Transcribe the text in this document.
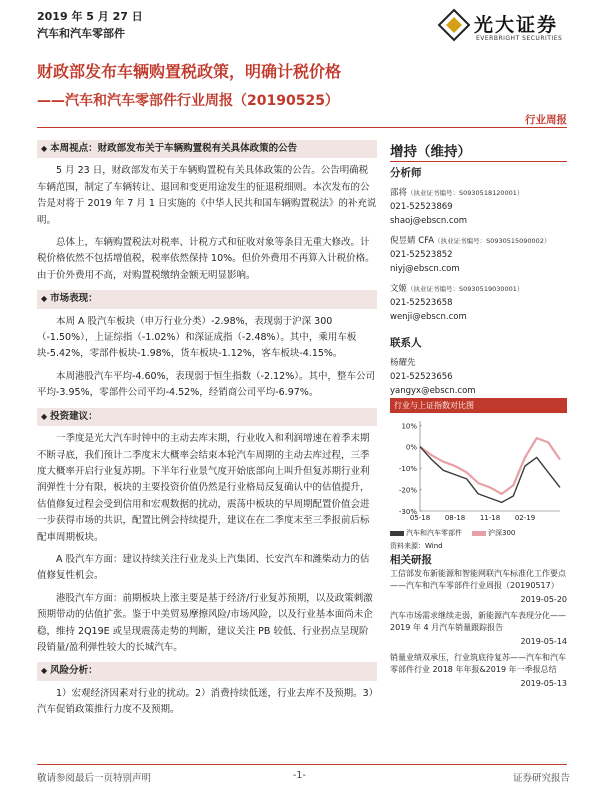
2019 年 5 月 27 日
汽车和汽车零部件	光大证券
EVERBRIGHT SECURITIES
财政部发布车辆购置税政策，明确计税价格
——汽车和汽车零部件行业周报（20190525）
行业周报
◆ 本周视点：财政部发布关于车辆购置税有关具体政策的公告

5 月 23 日，财政部发布关于车辆购置税有关具体政策的公告。公告明确税车辆范围，制定了车辆转让、退回和变更用途发生的征退税细则。本次发布的公告是对将于 2019 年 7 月 1 日实施的《中华人民共和国车辆购置税法》的补充说明。

总体上，车辆购置税法对税率、计税方式和征收对象等条目无重大修改。计税价格依然不包括增值税，税率依然保持 10%。但价外费用不再算入计税价格。由于价外费用不高，对购置税缴纳金额无明显影响。

◆ 市场表现：

本周 A 股汽车板块（申万行业分类）-2.98%，表现弱于沪深 300（-1.50%），上证综指（-1.02%）和深证成指（-2.48%）。其中，乘用车板块-5.42%，零部件板块-1.98%，货车板块-1.12%，客车板块-4.15%。

本周港股汽车平均-4.60%，表现弱于恒生指数（-2.12%）。其中，整车公司平均-3.95%，零部件公司平均-4.52%，经销商公司平均-6.97%。

◆ 投资建议：

一季度是光大汽车时钟中的主动去库末期，行业收入和利润增速在着季末期不断寻底，我们预计二季度末大概率会结束本轮汽车周期的主动去库过程，三季度大概率开启行业复苏期。下半年行业景气度开始底部向上叫升但复苏期行业利润弹性十分有限，板块的主要投资价值仍然是行业格局反复确认中的估值提升，估值修复过程会受到信用和宏观数据的扰动，震荡中板块的早周期配置价值会进一步获得市场的共识，配置比例会持续提升，建议在在二季度末至三季报前后标配車周期板块。

A 股汽车方面：建议持续关注行业龙头上汽集团、长安汽车和潍柴动力的估值修复性机会。

港股汽车方面：前期板块上涨主要是基于经济/行业复苏预期，以及政策刺激预期带动的估值扩张。鉴于中美贸易摩擦风险/市场风险，以及行业基本面尚未企稳，维持 2Q19E 或呈现震荡走势的判断，建议关注 PB 较低、行业拐点呈现阶段销量/盈利弹性较大的长城汽车。

◆ 风险分析：

1）宏观经济因素对行业的扰动。2）消费持续低迷，行业去库不及预期。3）汽车促销政策推行力度不及预期。

增持（维持）
分析师
邵将（执业证书编号：S0930518120001）
021-52523869
shaoj@ebscn.com
倪昱婧 CFA（执业证书编号：S0930515090002）
021-52523852
niyj@ebscn.com
文姬（执业证书编号：S0930519030001）
021-52523658
wenji@ebscn.com
联系人
杨耀先
021-52523656
yangyx@ebscn.com
行业与上证指数对比图
10%
0%
-10%
-20%
-30%
05-18 08-18 11-18 02-19
汽车和汽车零部件	沪深300
资料来源：Wind
相关研报
工信部发布新能源和智能网联汽车标准化工作要点——汽车和汽车零部件行业周报（20190517）
2019-05-20
汽车市场需求继续走弱，新能源汽车表现分化——2019 年 4 月汽车销量跟踪报告
2019-05-14
销量业绩双承压，行业筑底待复苏——汽车和汽车零部件行业 2018 年年报&2019 年一季报总结
2019-05-13
敬请参阅最后一页特别声明	-1-	证券研究报告
